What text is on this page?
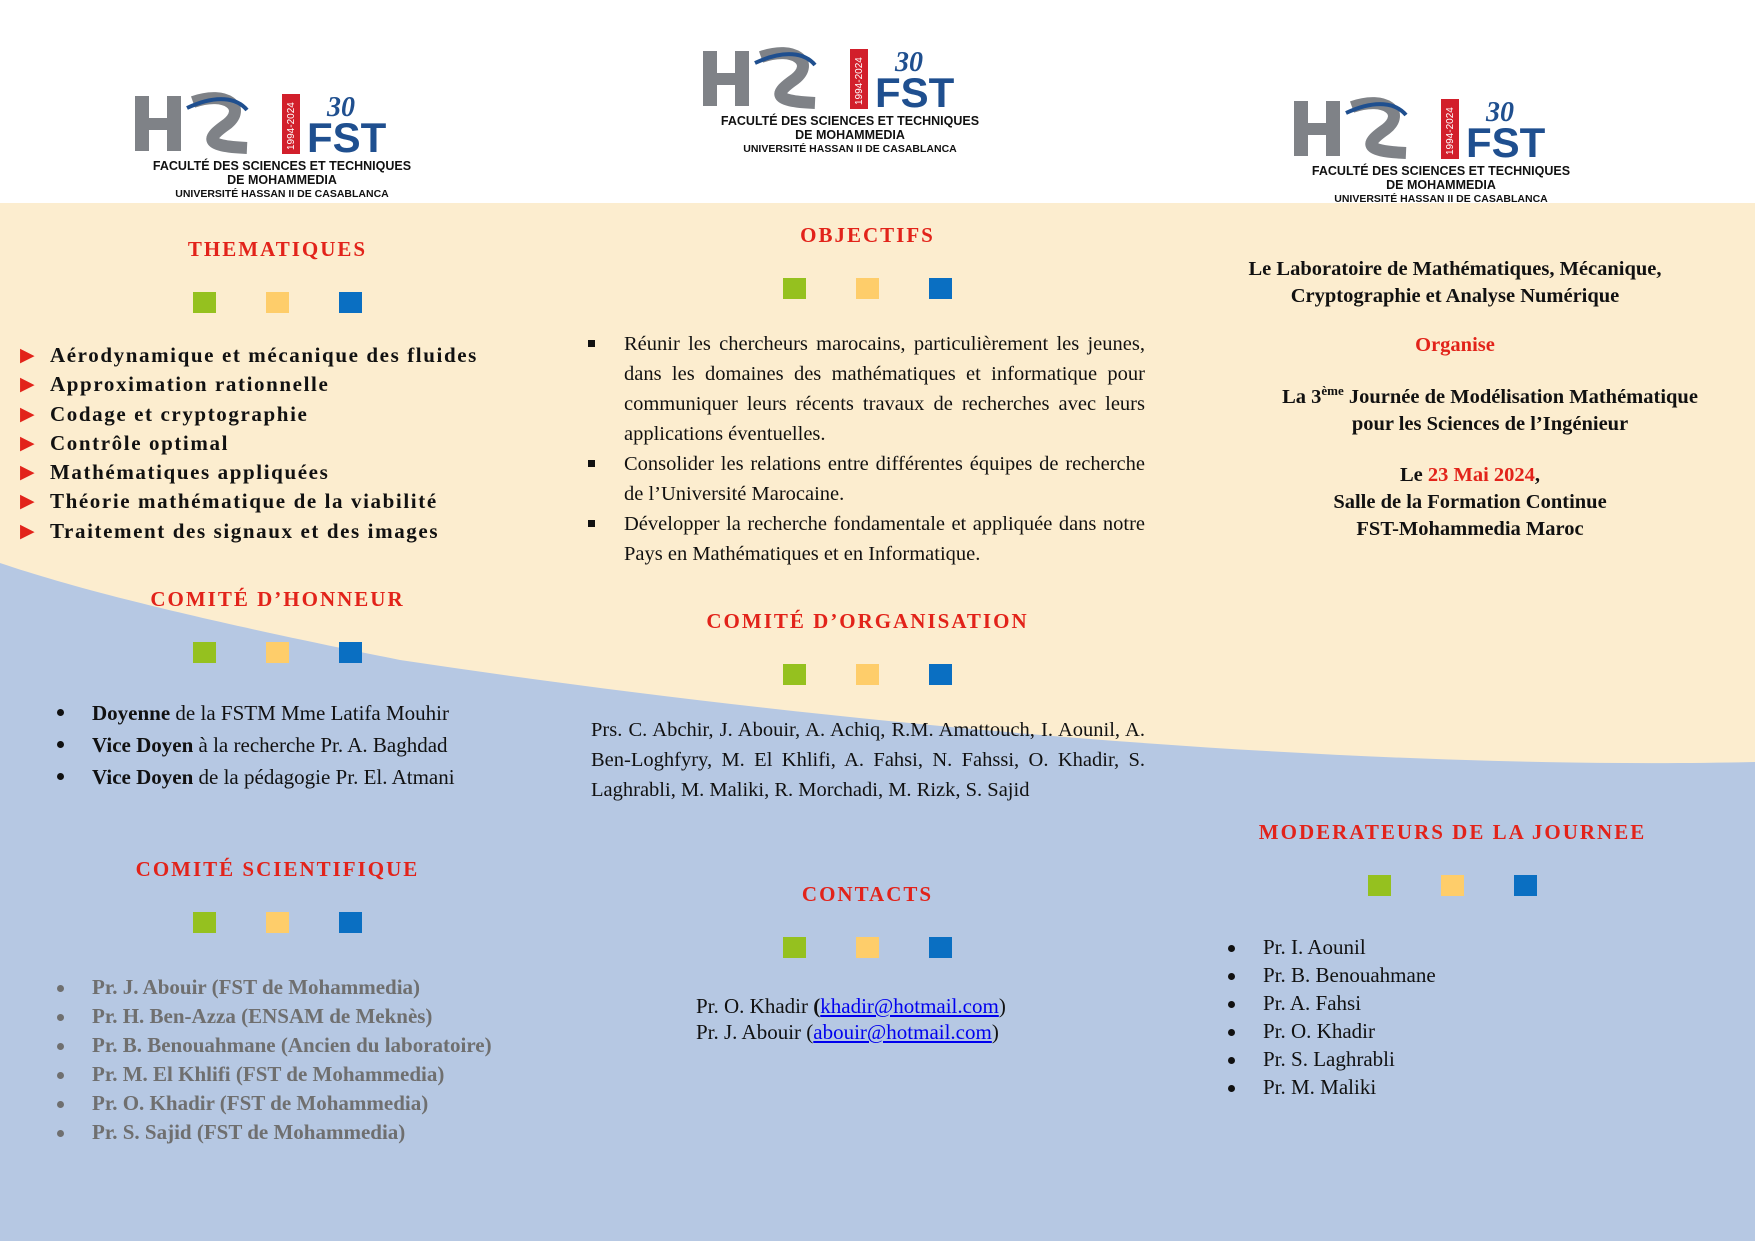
1994-2024 30
FST
FACULTÉ DES SCIENCES ET TECHNIQUES
DE MOHAMMEDIA
UNIVERSITÉ HASSAN II DE CASABLANCA
1994-2024 30
FST
FACULTÉ DES SCIENCES ET TECHNIQUES
DE MOHAMMEDIA
UNIVERSITÉ HASSAN II DE CASABLANCA	1994-2024 30
FST
FACULTÉ DES SCIENCES ET TECHNIQUES
DE MOHAMMEDIA
UNIVERSITÉ HASSAN II DE CASABLANCA
THEMATIQUES
▶ Aérodynamique et mécanique des fluides
▶ Approximation rationnelle
▶ Codage et cryptographie
▶ Contrôle optimal
▶ Mathématiques appliquées
▶ Théorie mathématique de la viabilité
▶ Traitement des signaux et des images
COMITÉ D’HONNEUR
Doyenne de la FSTM Mme Latifa Mouhir
Vice Doyen à la recherche Pr. A. Baghdad
Vice Doyen de la pédagogie Pr. El. Atmani
COMITÉ SCIENTIFIQUE
Pr. J. Abouir (FST de Mohammedia)
Pr. H. Ben-Azza (ENSAM de Meknès)
Pr. B. Benouahmane (Ancien du laboratoire)
Pr. M. El Khlifi (FST de Mohammedia)
Pr. O. Khadir (FST de Mohammedia)
Pr. S. Sajid (FST de Mohammedia)
OBJECTIFS
Réunir les chercheurs marocains, particulièrement les jeunes, dans les domaines des mathématiques et informatique pour communiquer leurs récents travaux de recherches avec leurs applications éventuelles.
Consolider les relations entre différentes équipes de recherche de l’Université Marocaine.
Développer la recherche fondamentale et appliquée dans notre Pays en Mathématiques et en Informatique.
COMITÉ D’ORGANISATION

Prs. C. Abchir, J. Abouir, A. Achiq, R.M. Amattouch, I. Aounil, A. Ben-Loghfyry, M. El Khlifi, A. Fahsi, N. Fahssi, O. Khadir, S. Laghrabli, M. Maliki, R. Morchadi, M. Rizk, S. Sajid

CONTACTS
Pr. O. Khadir (khadir@hotmail.com)
Pr. J. Abouir (abouir@hotmail.com)
Le Laboratoire de Mathématiques, Mécanique,
Cryptographie et Analyse Numérique
Organise
La 3ème Journée de Modélisation Mathématique
pour les Sciences de l’Ingénieur
Le 23 Mai 2024,
Salle de la Formation Continue
FST-Mohammedia Maroc
MODERATEURS DE LA JOURNEE
Pr. I. Aounil
Pr. B. Benouahmane
Pr. A. Fahsi
Pr. O. Khadir
Pr. S. Laghrabli
Pr. M. Maliki
